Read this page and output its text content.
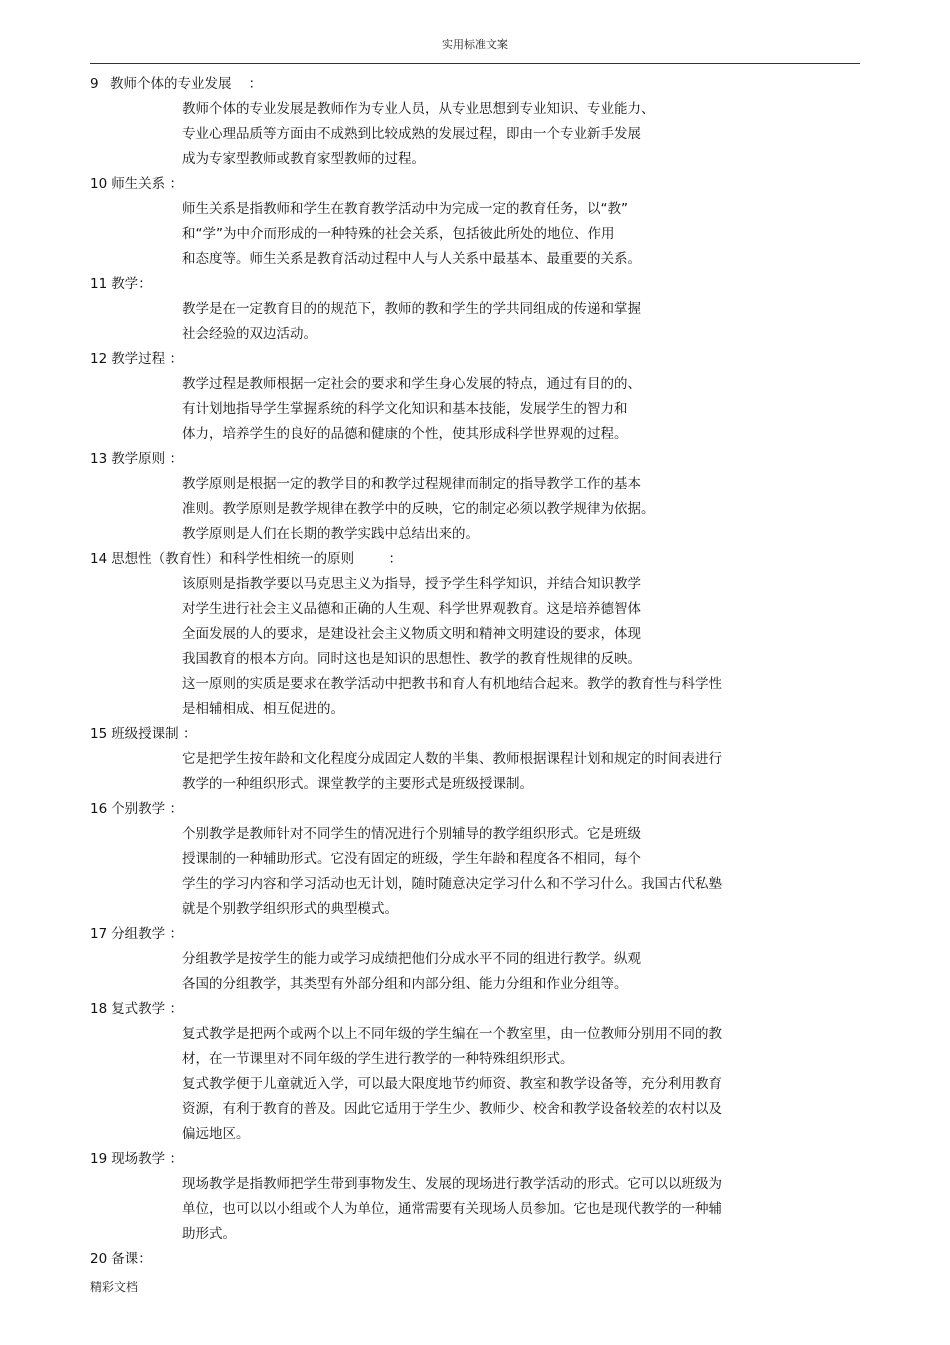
实用标准文案
9 教师个体的专业发展 ：
教师个体的专业发展是教师作为专业人员，从专业思想到专业知识、专业能力、
专业心理品质等方面由不成熟到比较成熟的发展过程，即由一个专业新手发展
成为专家型教师或教育家型教师的过程。
10 师生关系 ：
师生关系是指教师和学生在教育教学活动中为完成一定的教育任务，以“教”
和“学”为中介而形成的一种特殊的社会关系，包括彼此所处的地位、作用
和态度等。师生关系是教育活动过程中人与人关系中最基本、最重要的关系。
11 教学：
教学是在一定教育目的的规范下，教师的教和学生的学共同组成的传递和掌握
社会经验的双边活动。
12 教学过程 ：
教学过程是教师根据一定社会的要求和学生身心发展的特点，通过有目的的、
有计划地指导学生掌握系统的科学文化知识和基本技能，发展学生的智力和
体力，培养学生的良好的品德和健康的个性，使其形成科学世界观的过程。
13 教学原则 ：
教学原则是根据一定的教学目的和教学过程规律而制定的指导教学工作的基本
准则。教学原则是教学规律在教学中的反映，它的制定必须以教学规律为依据。
教学原则是人们在长期的教学实践中总结出来的。
14 思想性（教育性）和科学性相统一的原则	：
该原则是指教学要以马克思主义为指导，授予学生科学知识，并结合知识教学
对学生进行社会主义品德和正确的人生观、科学世界观教育。这是培养德智体
全面发展的人的要求，是建设社会主义物质文明和精神文明建设的要求，体现
我国教育的根本方向。同时这也是知识的思想性、教学的教育性规律的反映。
这一原则的实质是要求在教学活动中把教书和育人有机地结合起来。教学的教育性与科学性
是相辅相成、相互促进的。
15 班级授课制 ：
它是把学生按年龄和文化程度分成固定人数的半集、教师根据课程计划和规定的时间表进行
教学的一种组织形式。课堂教学的主要形式是班级授课制。
16 个别教学 ：
个别教学是教师针对不同学生的情况进行个别辅导的教学组织形式。它是班级
授课制的一种辅助形式。它没有固定的班级，学生年龄和程度各不相同，每个
学生的学习内容和学习活动也无计划，随时随意决定学习什么和不学习什么。我国古代私塾
就是个别教学组织形式的典型模式。
17 分组教学 ：
分组教学是按学生的能力或学习成绩把他们分成水平不同的组进行教学。纵观
各国的分组教学，其类型有外部分组和内部分组、能力分组和作业分组等。
18 复式教学 ：
复式教学是把两个或两个以上不同年级的学生编在一个教室里，由一位教师分别用不同的教
材，在一节课里对不同年级的学生进行教学的一种特殊组织形式。
复式教学便于儿童就近入学，可以最大限度地节约师资、教室和教学设备等，充分利用教育
资源，有利于教育的普及。因此它适用于学生少、教师少、校舍和教学设备较差的农村以及
偏远地区。
19 现场教学 ：
现场教学是指教师把学生带到事物发生、发展的现场进行教学活动的形式。它可以以班级为
单位，也可以以小组或个人为单位，通常需要有关现场人员参加。它也是现代教学的一种辅
助形式。
20 备课：
精彩文档
